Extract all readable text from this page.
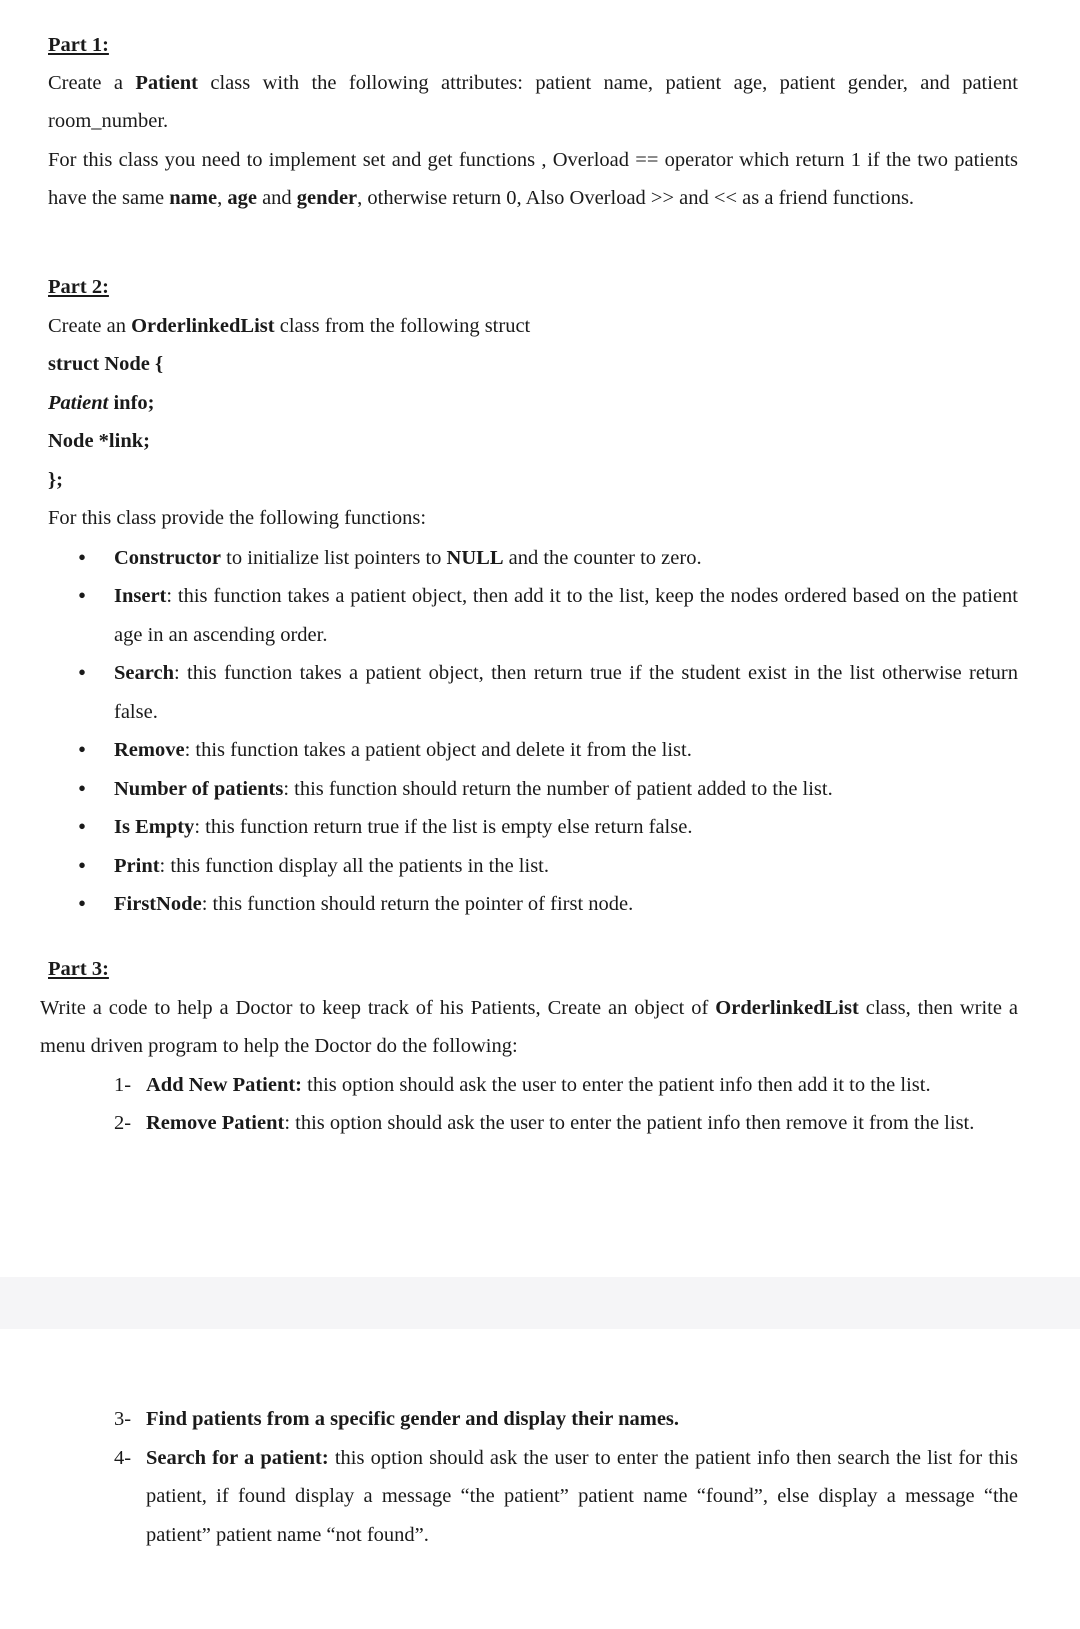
Part 1:

Create a Patient class with the following attributes: patient name, patient age, patient gender, and patient room_number.

For this class you need to implement set and get functions , Overload == operator which return 1 if the two patients have the same name, age and gender, otherwise return 0, Also Overload >> and << as a friend functions.

Part 2:

Create an OrderlinkedList class from the following struct

struct Node {

Patient info;

Node *link;

};

For this class provide the following functions:

• Constructor to initialize list pointers to NULL and the counter to zero.
• Insert: this function takes a patient object, then add it to the list, keep the nodes ordered based on the patient age in an ascending order.
• Search: this function takes a patient object, then return true if the student exist in the list otherwise return false.
• Remove: this function takes a patient object and delete it from the list.
• Number of patients: this function should return the number of patient added to the list.
• Is Empty: this function return true if the list is empty else return false.
• Print: this function display all the patients in the list.
• FirstNode: this function should return the pointer of first node.

Part 3:

Write a code to help a Doctor to keep track of his Patients, Create an object of OrderlinkedList class, then write a menu driven program to help the Doctor do the following:

1- Add New Patient: this option should ask the user to enter the patient info then add it to the list.
2- Remove Patient: this option should ask the user to enter the patient info then remove it from the list.
3- Find patients from a specific gender and display their names.
4- Search for a patient: this option should ask the user to enter the patient info then search the list for this patient, if found display a message “the patient” patient name “found”, else display a message “the patient” patient name “not found”.
